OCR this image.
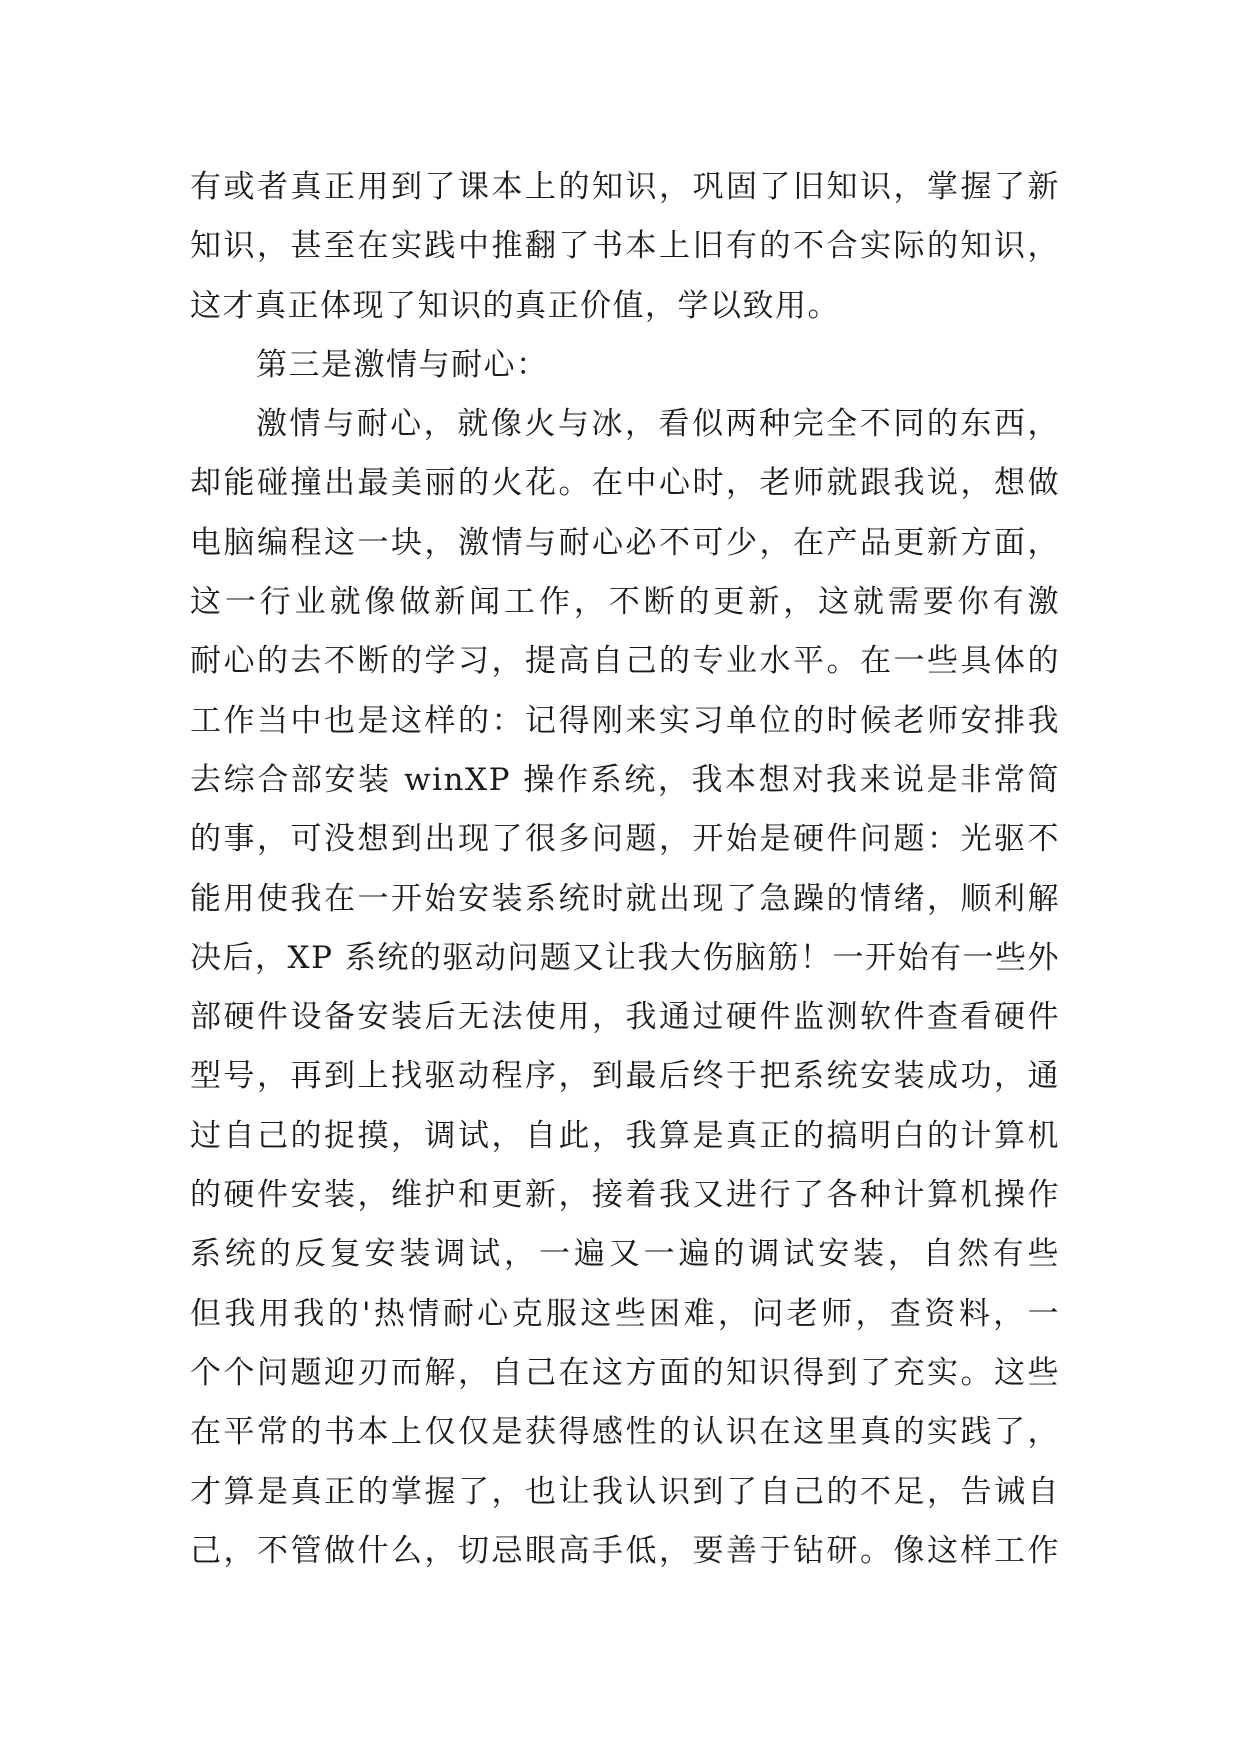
有或者真正用到了课本上的知识，巩固了旧知识，掌握了新
知识，甚至在实践中推翻了书本上旧有的不合实际的知识，
这才真正体现了知识的真正价值，学以致用。
第三是激情与耐心：
激情与耐心，就像火与冰，看似两种完全不同的东西，
却能碰撞出最美丽的火花。在中心时，老师就跟我说，想做
电脑编程这一块，激情与耐心必不可少，在产品更新方面，
这一行业就像做新闻工作，不断的更新，这就需要你有激
耐心的去不断的学习，提高自己的专业水平。在一些具体的
工作当中也是这样的：记得刚来实习单位的时候老师安排我
去综合部安装 winXP 操作系统，我本想对我来说是非常简
的事，可没想到出现了很多问题，开始是硬件问题：光驱不
能用使我在一开始安装系统时就出现了急躁的情绪，顺利解
决后，XP 系统的驱动问题又让我大伤脑筋！一开始有一些外
部硬件设备安装后无法使用，我通过硬件监测软件查看硬件
型号，再到上找驱动程序，到最后终于把系统安装成功，通
过自己的捉摸，调试，自此，我算是真正的搞明白的计算机
的硬件安装，维护和更新，接着我又进行了各种计算机操作
系统的反复安装调试，一遍又一遍的调试安装，自然有些
但我用我的'热情耐心克服这些困难，问老师，查资料，一
个个问题迎刃而解，自己在这方面的知识得到了充实。这些
在平常的书本上仅仅是获得感性的认识在这里真的实践了，
才算是真正的掌握了，也让我认识到了自己的不足，告诫自
己，不管做什么，切忌眼高手低，要善于钻研。像这样工作
